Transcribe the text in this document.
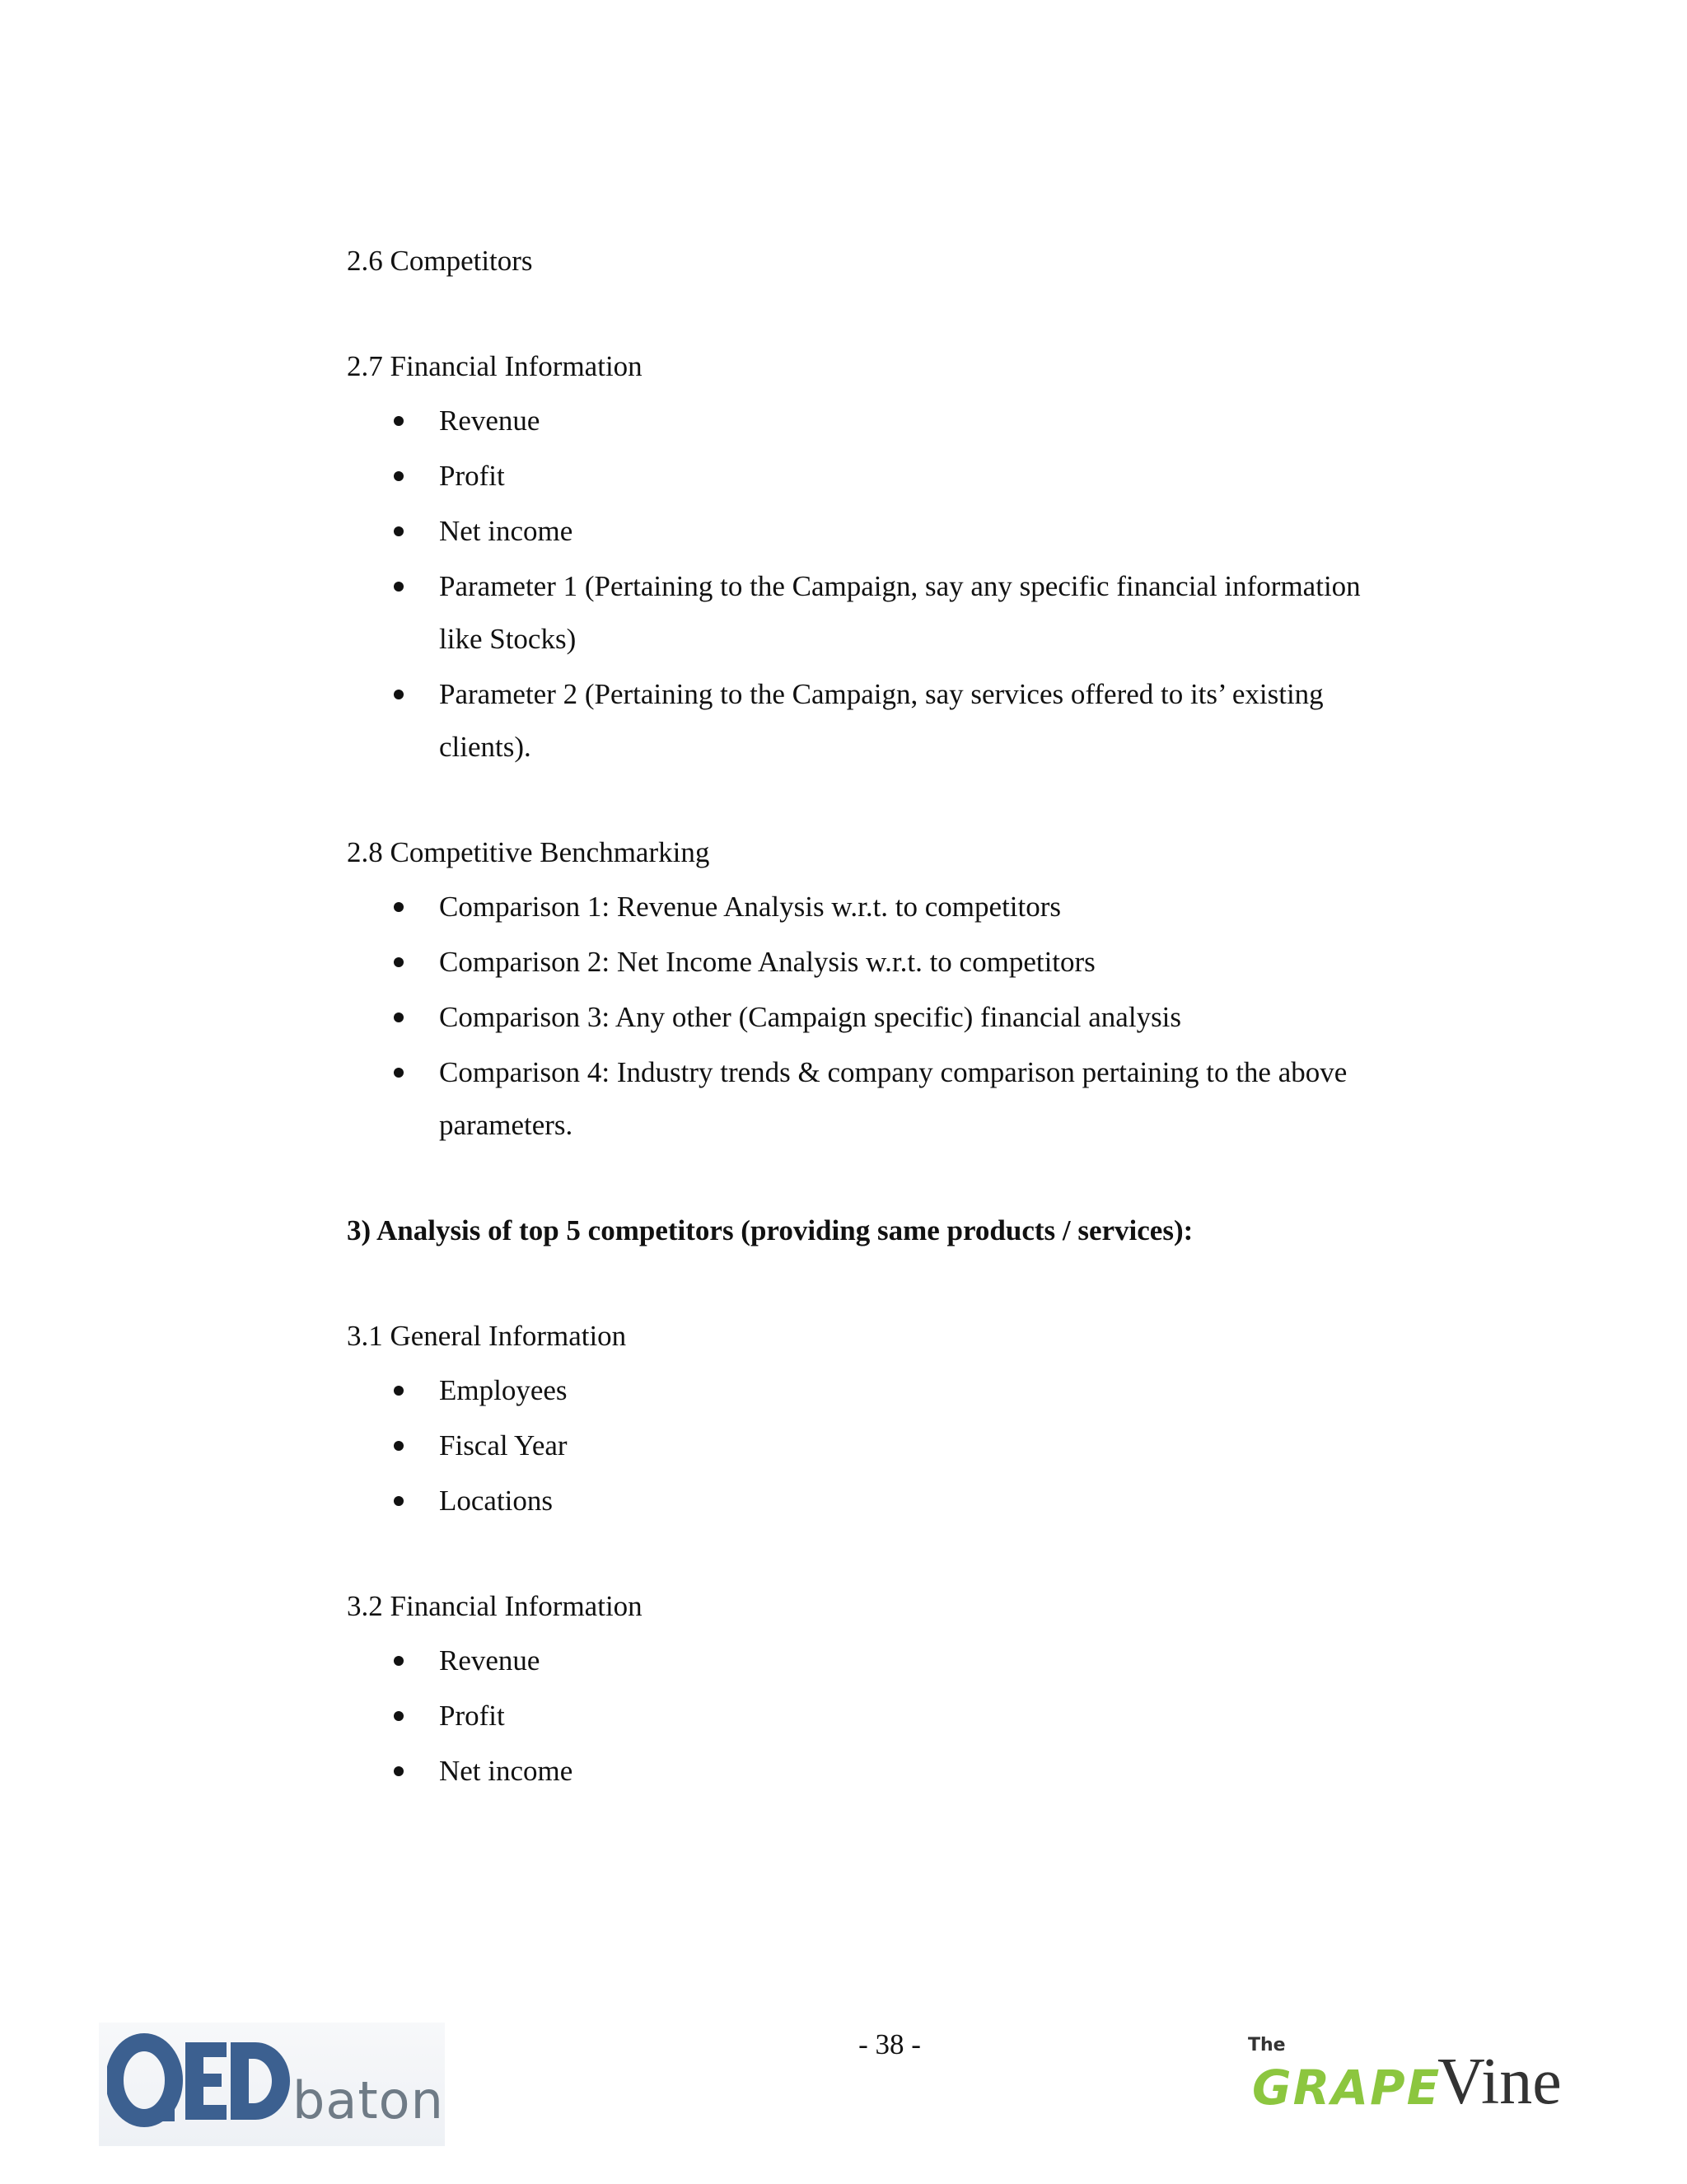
2.6 Competitors

2.7 Financial Information

Revenue
Profit
Net income
Parameter 1 (Pertaining to the Campaign, say any specific financial information like Stocks)
Parameter 2 (Pertaining to the Campaign, say services offered to its’ existing clients).

2.8 Competitive Benchmarking

Comparison 1: Revenue Analysis w.r.t. to competitors
Comparison 2: Net Income Analysis w.r.t. to competitors
Comparison 3: Any other (Campaign specific) financial analysis
Comparison 4: Industry trends & company comparison pertaining to the above parameters.

3) Analysis of top 5 competitors (providing same products / services):

3.1 General Information

Employees
Fiscal Year
Locations

3.2 Financial Information

Revenue
Profit
Net income
baton
- 38 -	The
GRAPE
Vine
